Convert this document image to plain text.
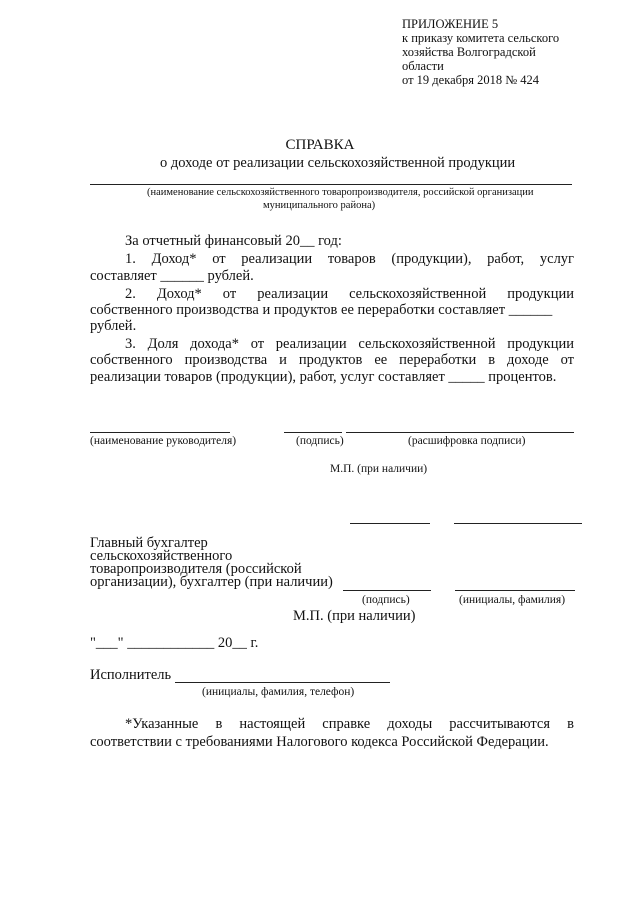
ПРИЛОЖЕНИЕ 5
к приказу комитета сельского
хозяйства Волгоградской
области
от 19 декабря 2018 № 424
СПРАВКА
о доходе от реализации сельскохозяйственной продукции
(наименование сельскохозяйственного товаропроизводителя, российской организации
муниципального района)
За отчетный финансовый 20__ год:
1. Доход* от реализации товаров (продукции), работ, услуг
составляет ______ рублей.
2. Доход* от реализации сельскохозяйственной продукции
собственного производства и продуктов ее переработки составляет ______
рублей.
3. Доля дохода* от реализации сельскохозяйственной продукции
собственного производства и продуктов ее переработки в доходе от
реализации товаров (продукции), работ, услуг составляет _____ процентов.
(наименование руководителя)	(подпись)	(расшифровка подписи)
М.П. (при наличии)
Главный бухгалтер
сельскохозяйственного
товаропроизводителя (российской
организации), бухгалтер (при наличии)
(подпись)	(инициалы, фамилия)
М.П. (при наличии)
"___" ____________ 20__ г.
Исполнитель
(инициалы, фамилия, телефон)
*Указанные в настоящей справке доходы рассчитываются в
соответствии с требованиями Налогового кодекса Российской Федерации.
